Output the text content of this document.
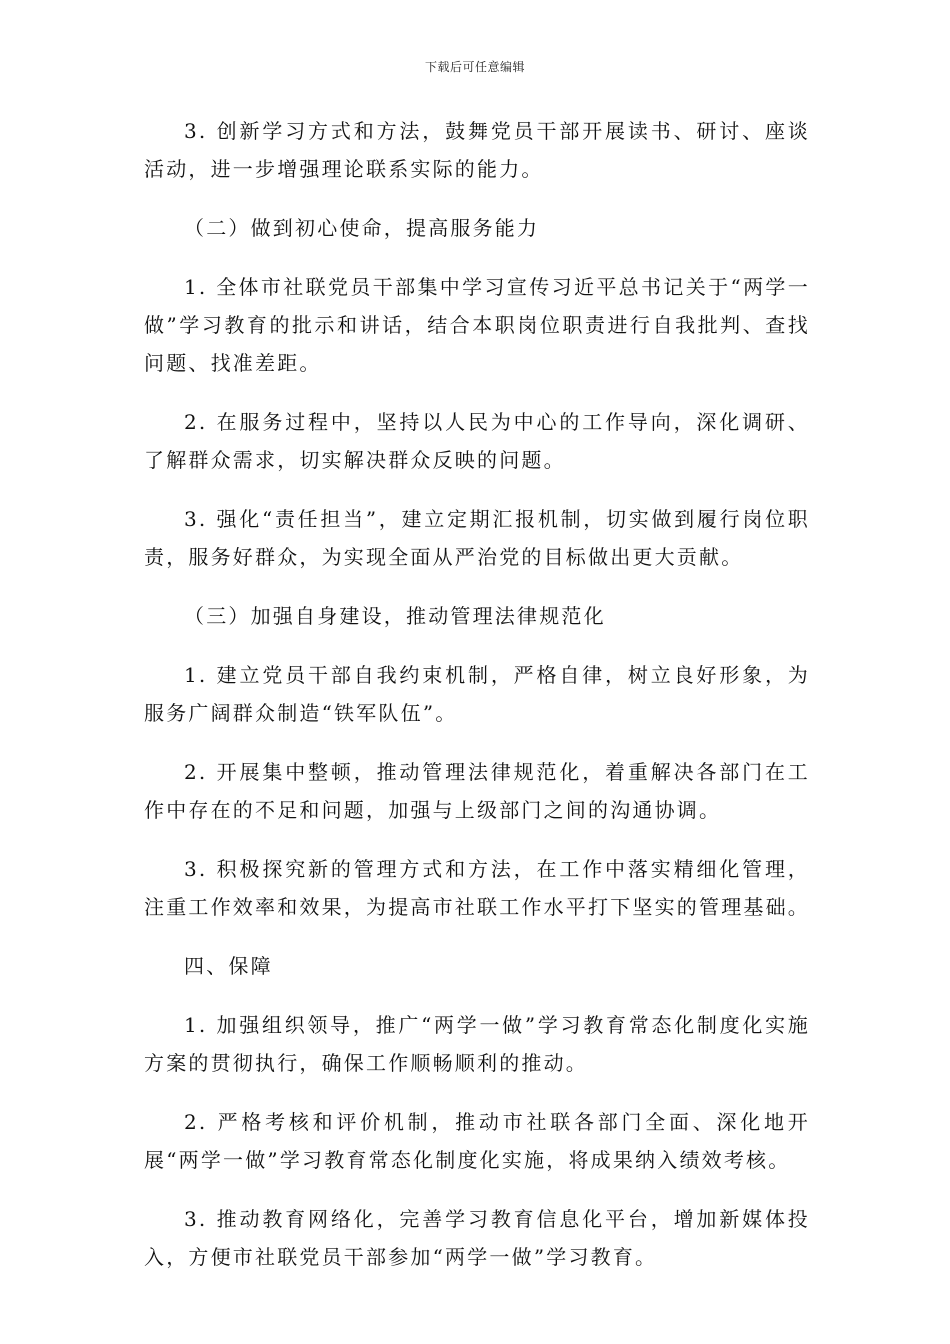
下载后可任意编辑

3. 创新学习方式和方法，鼓舞党员干部开展读书、研讨、座谈活动，进一步增强理论联系实际的能力。

（二）做到初心使命，提高服务能力

1. 全体市社联党员干部集中学习宣传习近平总书记关于“两学一做”学习教育的批示和讲话，结合本职岗位职责进行自我批判、查找问题、找准差距。

2. 在服务过程中，坚持以人民为中心的工作导向，深化调研、了解群众需求，切实解决群众反映的问题。

3. 强化“责任担当”，建立定期汇报机制，切实做到履行岗位职责，服务好群众，为实现全面从严治党的目标做出更大贡献。

（三）加强自身建设，推动管理法律规范化

1. 建立党员干部自我约束机制，严格自律，树立良好形象，为服务广阔群众制造“铁军队伍”。

2. 开展集中整顿，推动管理法律规范化，着重解决各部门在工作中存在的不足和问题，加强与上级部门之间的沟通协调。

3. 积极探究新的管理方式和方法，在工作中落实精细化管理，注重工作效率和效果，为提高市社联工作水平打下坚实的管理基础。

四、保障

1. 加强组织领导，推广“两学一做”学习教育常态化制度化实施方案的贯彻执行，确保工作顺畅顺利的推动。

2. 严格考核和评价机制，推动市社联各部门全面、深化地开展“两学一做”学习教育常态化制度化实施，将成果纳入绩效考核。

3. 推动教育网络化，完善学习教育信息化平台，增加新媒体投入，方便市社联党员干部参加“两学一做”学习教育。
